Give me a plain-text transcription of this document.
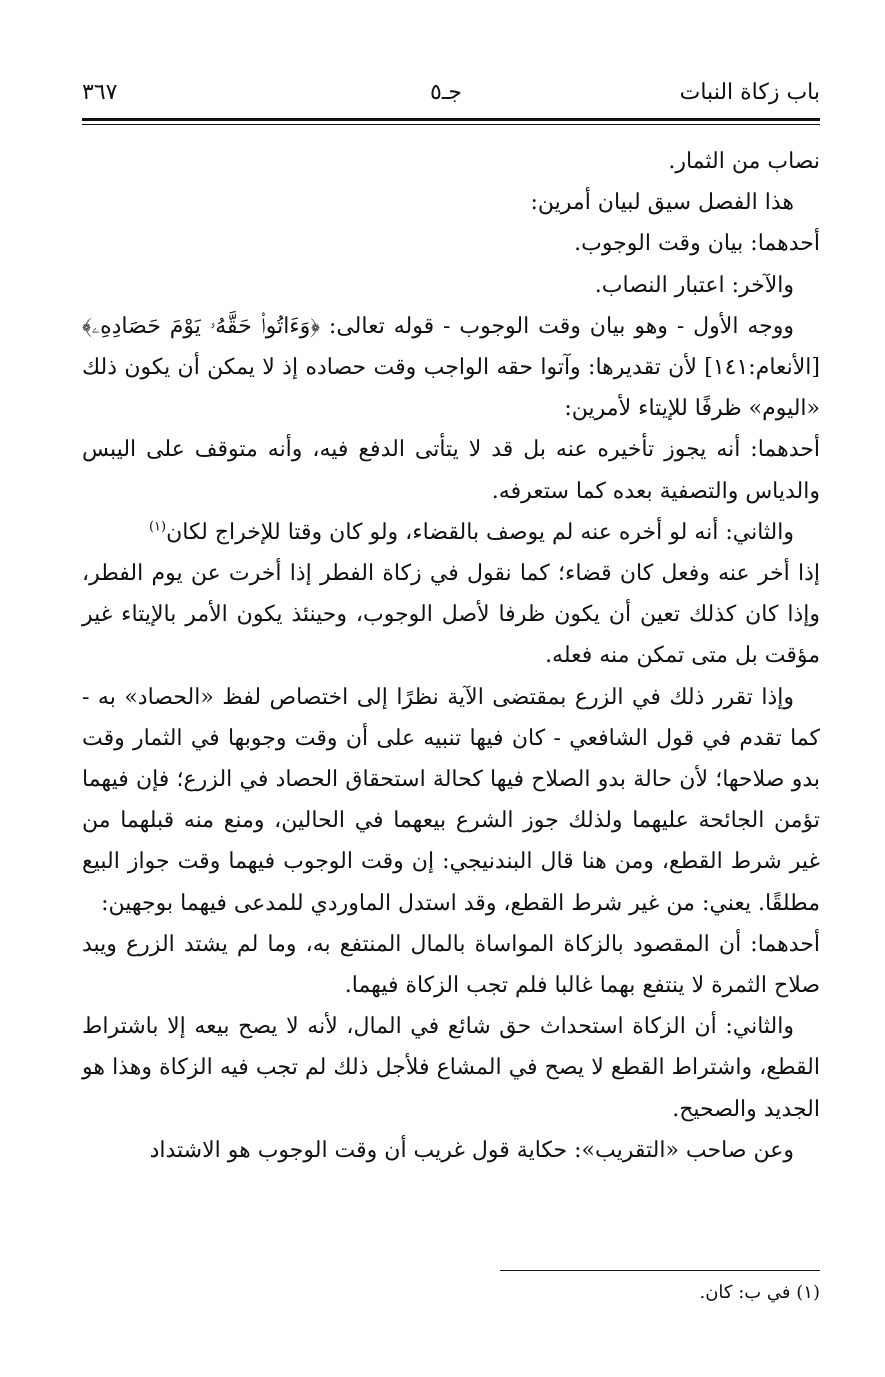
باب زكاة النبات
جـ٥
٣٦٧

نصاب من الثمار.

هذا الفصل سيق لبيان أمرين:

أحدهما: بيان وقت الوجوب.

والآخر: اعتبار النصاب.

ووجه الأول - وهو بيان وقت الوجوب - قوله تعالى: ﴿وَءَاتُوا۟ حَقَّهُۥ يَوْمَ حَصَادِهِۦ﴾ [الأنعام:١٤١] لأن تقديرها: وآتوا حقه الواجب وقت حصاده إذ لا يمكن أن يكون ذلك «اليوم» ظرفًا للإيتاء لأمرين:

أحدهما: أنه يجوز تأخيره عنه بل قد لا يتأتى الدفع فيه، وأنه متوقف على اليبس والدياس والتصفية بعده كما ستعرفه.

والثاني: أنه لو أخره عنه لم يوصف بالقضاء، ولو كان وقتا للإخراج لكان$^{(١)}$

إذا أخر عنه وفعل كان قضاء؛ كما نقول في زكاة الفطر إذا أخرت عن يوم الفطر، وإذا كان كذلك تعين أن يكون ظرفا لأصل الوجوب، وحينئذ يكون الأمر بالإيتاء غير مؤقت بل متى تمكن منه فعله.

وإذا تقرر ذلك في الزرع بمقتضى الآية نظرًا إلى اختصاص لفظ «الحصاد» به - كما تقدم في قول الشافعي - كان فيها تنبيه على أن وقت وجوبها في الثمار وقت بدو صلاحها؛ لأن حالة بدو الصلاح فيها كحالة استحقاق الحصاد في الزرع؛ فإن فيهما تؤمن الجائحة عليهما ولذلك جوز الشرع بيعهما في الحالين، ومنع منه قبلهما من غير شرط القطع، ومن هنا قال البندنيجي: إن وقت الوجوب فيهما وقت جواز البيع مطلقًا. يعني: من غير شرط القطع، وقد استدل الماوردي للمدعى فيهما بوجهين:

أحدهما: أن المقصود بالزكاة المواساة بالمال المنتفع به، وما لم يشتد الزرع ويبد صلاح الثمرة لا ينتفع بهما غالبا فلم تجب الزكاة فيهما.

والثاني: أن الزكاة استحداث حق شائع في المال، لأنه لا يصح بيعه إلا باشتراط القطع، واشتراط القطع لا يصح في المشاع فلأجل ذلك لم تجب فيه الزكاة وهذا هو الجديد والصحيح.

وعن صاحب «التقريب»: حكاية قول غريب أن وقت الوجوب هو الاشتداد

(١) في ب: كان.
